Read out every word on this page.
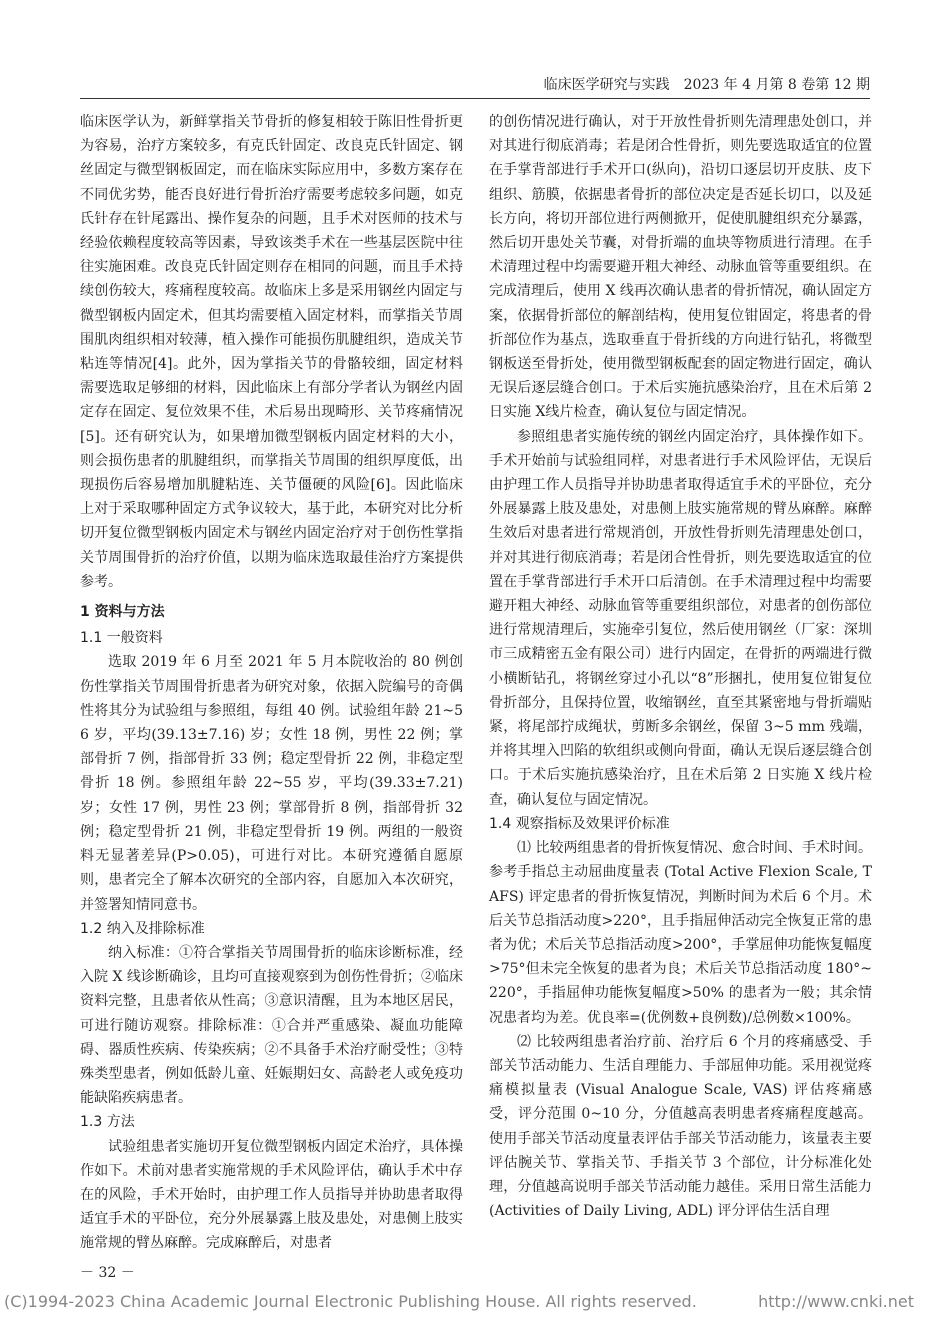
临床医学研究与实践　2023 年 4 月第 8 卷第 12 期

临床医学认为，新鲜掌指关节骨折的修复相较于陈旧性骨折更为容易，治疗方案较多，有克氏针固定、改良克氏针固定、钢丝固定与微型钢板固定，而在临床实际应用中，多数方案存在不同优劣势，能否良好进行骨折治疗需要考虑较多问题，如克氏针存在针尾露出、操作复杂的问题，且手术对医师的技术与经验依赖程度较高等因素，导致该类手术在一些基层医院中往往实施困难。改良克氏针固定则存在相同的问题，而且手术持续创伤较大，疼痛程度较高。故临床上多是采用钢丝内固定与微型钢板内固定术，但其均需要植入固定材料，而掌指关节周围肌肉组织相对较薄，植入操作可能损伤肌腱组织，造成关节粘连等情况[4]。此外，因为掌指关节的骨骼较细，固定材料需要选取足够细的材料，因此临床上有部分学者认为钢丝内固定存在固定、复位效果不佳，术后易出现畸形、关节疼痛情况[5]。还有研究认为，如果增加微型钢板内固定材料的大小，则会损伤患者的肌腱组织，而掌指关节周围的组织厚度低，出现损伤后容易增加肌腱粘连、关节僵硬的风险[6]。因此临床上对于采取哪种固定方式争议较大，基于此，本研究对比分析切开复位微型钢板内固定术与钢丝内固定治疗对于创伤性掌指关节周围骨折的治疗价值，以期为临床选取最佳治疗方案提供参考。

1 资料与方法
1.1 一般资料

选取 2019 年 6 月至 2021 年 5 月本院收治的 80 例创伤性掌指关节周围骨折患者为研究对象，依据入院编号的奇偶性将其分为试验组与参照组，每组 40 例。试验组年龄 21~56 岁，平均(39.13±7.16) 岁；女性 18 例，男性 22 例；掌部骨折 7 例，指部骨折 33 例；稳定型骨折 22 例，非稳定型骨折 18 例。参照组年龄 22~55 岁，平均(39.33±7.21) 岁；女性 17 例，男性 23 例；掌部骨折 8 例，指部骨折 32 例；稳定型骨折 21 例，非稳定型骨折 19 例。两组的一般资料无显著差异(P>0.05)，可进行对比。本研究遵循自愿原则，患者完全了解本次研究的全部内容，自愿加入本次研究，并签署知情同意书。

1.2 纳入及排除标准

纳入标准：①符合掌指关节周围骨折的临床诊断标准，经入院 X 线诊断确诊，且均可直接观察到为创伤性骨折；②临床资料完整，且患者依从性高；③意识清醒，且为本地区居民，可进行随访观察。排除标准：①合并严重感染、凝血功能障碍、器质性疾病、传染疾病；②不具备手术治疗耐受性；③特殊类型患者，例如低龄儿童、妊娠期妇女、高龄老人或免疫功能缺陷疾病患者。

1.3 方法

试验组患者实施切开复位微型钢板内固定术治疗，具体操作如下。术前对患者实施常规的手术风险评估，确认手术中存在的风险，手术开始时，由护理工作人员指导并协助患者取得适宜手术的平卧位，充分外展暴露上肢及患处，对患侧上肢实施常规的臂丛麻醉。完成麻醉后，对患者

的创伤情况进行确认，对于开放性骨折则先清理患处创口，并对其进行彻底消毒；若是闭合性骨折，则先要选取适宜的位置在手掌背部进行手术开口(纵向)，沿切口逐层切开皮肤、皮下组织、筋膜，依据患者骨折的部位决定是否延长切口，以及延长方向，将切开部位进行两侧掀开，促使肌腱组织充分暴露，然后切开患处关节囊，对骨折端的血块等物质进行清理。在手术清理过程中均需要避开粗大神经、动脉血管等重要组织。在完成清理后，使用 X 线再次确认患者的骨折情况，确认固定方案，依据骨折部位的解剖结构，使用复位钳固定，将患者的骨折部位作为基点，选取垂直于骨折线的方向进行钻孔，将微型钢板送至骨折处，使用微型钢板配套的固定物进行固定，确认无误后逐层缝合创口。于术后实施抗感染治疗，且在术后第 2 日实施 X线片检查，确认复位与固定情况。

参照组患者实施传统的钢丝内固定治疗，具体操作如下。手术开始前与试验组同样，对患者进行手术风险评估，无误后由护理工作人员指导并协助患者取得适宜手术的平卧位，充分外展暴露上肢及患处，对患侧上肢实施常规的臂丛麻醉。麻醉生效后对患者进行常规消创，开放性骨折则先清理患处创口，并对其进行彻底消毒；若是闭合性骨折，则先要选取适宜的位置在手掌背部进行手术开口后清创。在手术清理过程中均需要避开粗大神经、动脉血管等重要组织部位，对患者的创伤部位进行常规清理后，实施牵引复位，然后使用钢丝（厂家：深圳市三成精密五金有限公司）进行内固定，在骨折的两端进行微小横断钻孔，将钢丝穿过小孔以“8”形捆扎，使用复位钳复位骨折部分，且保持位置，收缩钢丝，直至其紧密地与骨折端贴紧，将尾部拧成绳状，剪断多余钢丝，保留 3~5 mm 残端，并将其埋入凹陷的软组织或侧向骨面，确认无误后逐层缝合创口。于术后实施抗感染治疗，且在术后第 2 日实施 X 线片检查，确认复位与固定情况。

1.4 观察指标及效果评价标准

⑴ 比较两组患者的骨折恢复情况、愈合时间、手术时间。参考手指总主动屈曲度量表 (Total Active Flexion Scale, TAFS) 评定患者的骨折恢复情况，判断时间为术后 6 个月。术后关节总指活动度>220°，且手指屈伸活动完全恢复正常的患者为优；术后关节总指活动度>200°，手掌屈伸功能恢复幅度>75°但未完全恢复的患者为良；术后关节总指活动度 180°~220°，手指屈伸功能恢复幅度>50% 的患者为一般；其余情况患者均为差。优良率=(优例数+良例数)/总例数×100%。

⑵ 比较两组患者治疗前、治疗后 6 个月的疼痛感受、手部关节活动能力、生活自理能力、手部屈伸功能。采用视觉疼痛模拟量表 (Visual Analogue Scale, VAS) 评估疼痛感受，评分范围 0~10 分，分值越高表明患者疼痛程度越高。使用手部关节活动度量表评估手部关节活动能力，该量表主要评估腕关节、掌指关节、手指关节 3 个部位，计分标准化处理，分值越高说明手部关节活动能力越佳。采用日常生活能力 (Activities of Daily Living, ADL) 评分评估生活自理

－ 32 －
(C)1994-2023 China Academic Journal Electronic Publishing House. All rights reserved.	http://www.cnki.net
